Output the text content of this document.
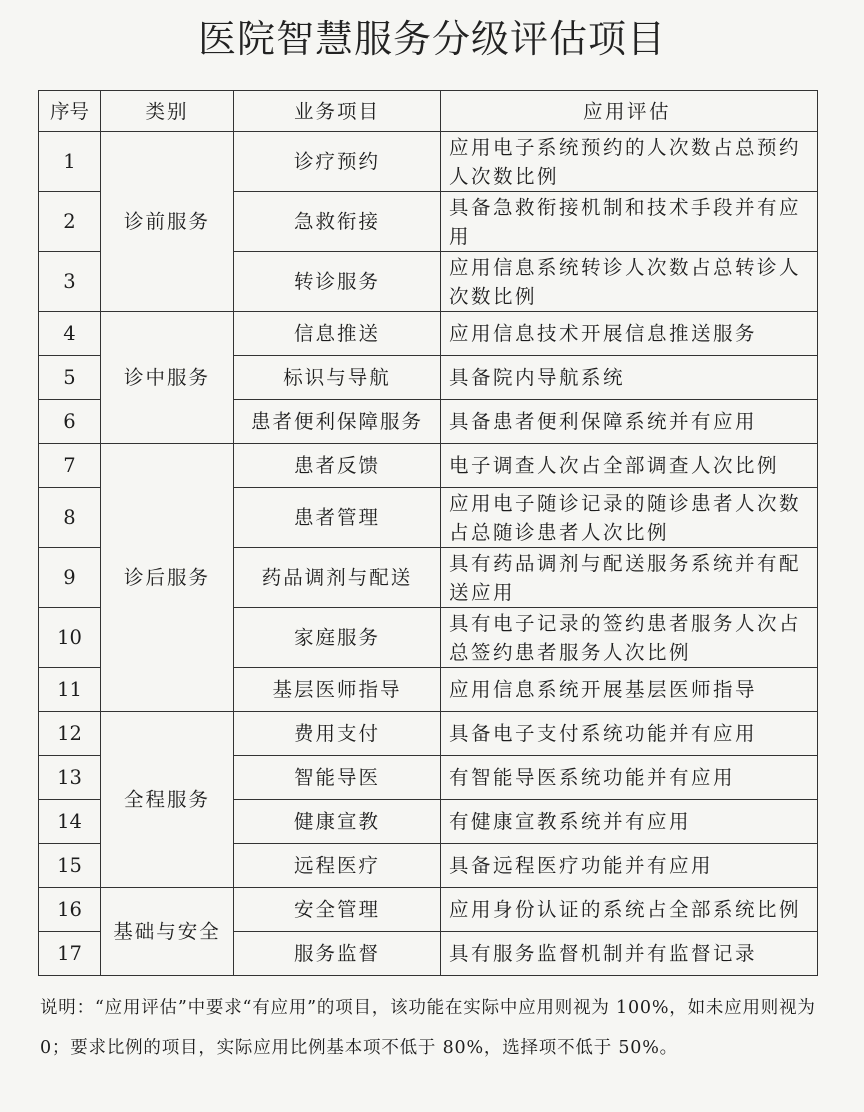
医院智慧服务分级评估项目
序号	类别	业务项目	应用评估
1	诊前服务	诊疗预约	应用电子系统预约的人次数占总预约人次数比例
2		急救衔接	具备急救衔接机制和技术手段并有应用
3		转诊服务	应用信息系统转诊人次数占总转诊人次数比例
4	诊中服务	信息推送	应用信息技术开展信息推送服务
5		标识与导航	具备院内导航系统
6		患者便利保障服务	具备患者便利保障系统并有应用
7	诊后服务	患者反馈	电子调查人次占全部调查人次比例
8		患者管理	应用电子随诊记录的随诊患者人次数占总随诊患者人次比例
9		药品调剂与配送	具有药品调剂与配送服务系统并有配送应用
10		家庭服务	具有电子记录的签约患者服务人次占总签约患者服务人次比例
11		基层医师指导	应用信息系统开展基层医师指导
12	全程服务	费用支付	具备电子支付系统功能并有应用
13		智能导医	有智能导医系统功能并有应用
14		健康宣教	有健康宣教系统并有应用
15		远程医疗	具备远程医疗功能并有应用
16	基础与安全	安全管理	应用身份认证的系统占全部系统比例
17		服务监督	具有服务监督机制并有监督记录
说明：“应用评估”中要求“有应用”的项目，该功能在实际中应用则视为 100%，如未应用则视为 0；要求比例的项目，实际应用比例基本项不低于 80%，选择项不低于 50%。
